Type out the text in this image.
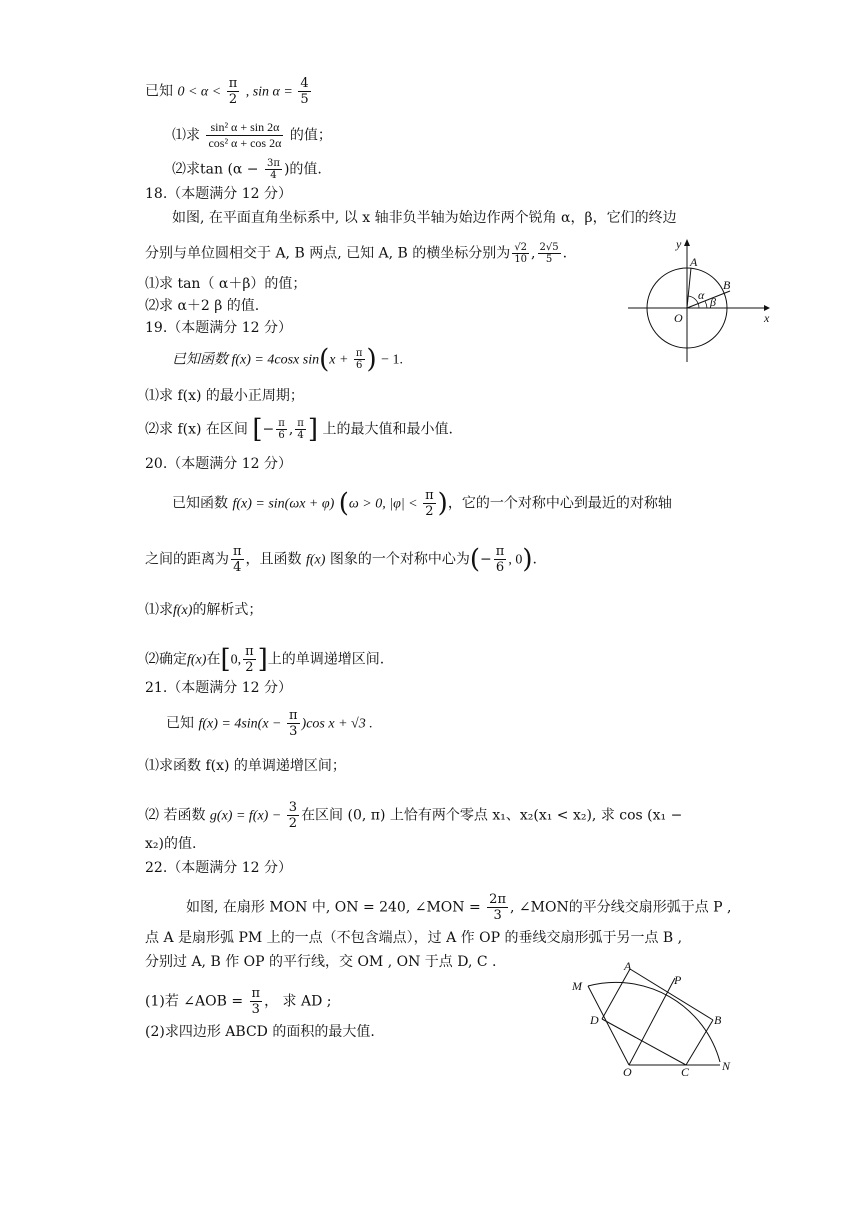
已知 $0 < \alpha < \frac{\pi}{2}$ , $\sin \alpha = \frac{4}{5}$
⑴求 $\frac{\text{sin² α + sin 2α}}{\text{cos² α + cos 2α}}$ 的值；
⑵求$\tan (\alpha - \frac{3\pi}{4}$ )的值.
18.（本题满分 12 分）
如图, 在平面直角坐标系中, 以 x 轴非负半轴为始边作两个锐角 α，β，它们的终边
分别与单位圆相交于 A, B 两点, 已知 A, B 的横坐标分别为 $\frac{√2}{10}$ , $\frac{2√5}{5}$ .
⑴求 tan（ α＋β）的值；
⑵求 α＋2 β 的值.
x
y
O
A
B
α β
19.（本题满分 12 分）
已知函数 f(x) = 4cosx $\sin(x + \frac{\pi}{6}$ ) − 1.
⑴求 f(x) 的最小正周期；
⑵求 f(x) 在区间 [− $\frac{\pi}{6}$ , $\frac{\pi}{4}$ ] 上的最大值和最小值.
20.（本题满分 12 分）
已知函数 f(x) = sin(ωx + φ) (ω > 0, $|\varphi| < \frac{\pi}{2}$ )，它的一个对称中心到最近的对称轴
之间的距离为 $\frac{\pi}{4}$ ，且函数 f(x) 图象的一个对称中心为(− $\frac{\pi}{6}$ , 0).
⑴求f(x)的解析式；
⑵确定f(x)在[0, $\frac{\pi}{2}$ ]上的单调递增区间.
21.（本题满分 12 分）
已知 $f(x) = 4\sin(x - \frac{\pi}{3} )\cos$ x + √3 .
⑴求函数 f(x) 的单调递增区间；
⑵ 若函数 $g(x) = f(x) - \frac{3}{2}$ 在区间 (0, π) 上恰有两个零点 x₁、x₂(x₁ < x₂), 求 cos (x₁ −
x₂)的值.
22.（本题满分 12 分）
如图, 在扇形 MON 中, ON = 240, ∠MON = $\frac{2\pi}{3}$ , ∠MON的平分线交扇形弧于点 P ,
点 A 是扇形弧 PM 上的一点（不包含端点），过 A 作 OP 的垂线交扇形弧于另一点 B ,
分别过 A, B 作 OP 的平行线，交 OM , ON 于点 D, C .
(1)若 ∠AOB = $\frac{\pi}{3}$ ， 求 AD ;
(2)求四边形 ABCD 的面积的最大值.
M
A
P
B
D
O	C	N
